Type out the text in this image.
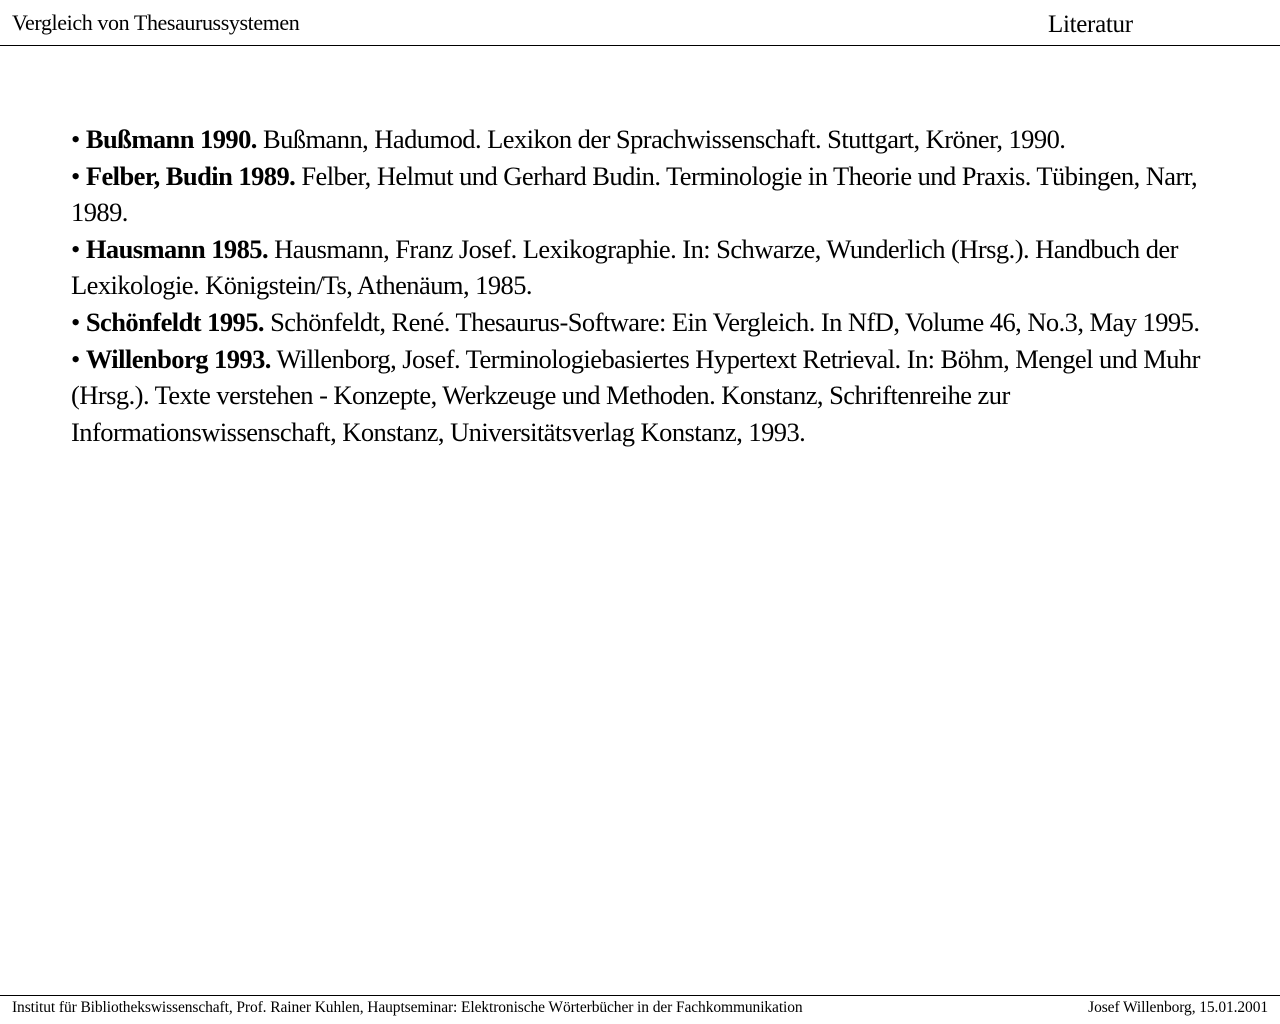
Vergleich von Thesaurussystemen	Literatur

• Bußmann 1990. Bußmann, Hadumod. Lexikon der Sprachwissenschaft. Stuttgart, Kröner, 1990.

• Felber, Budin 1989. Felber, Helmut und Gerhard Budin. Terminologie in Theorie und Praxis. Tübingen, Narr, 1989.

• Hausmann 1985. Hausmann, Franz Josef. Lexikographie. In: Schwarze, Wunderlich (Hrsg.). Handbuch der Lexikologie. Königstein/Ts, Athenäum, 1985.

• Schönfeldt 1995. Schönfeldt, René. Thesaurus-Software: Ein Vergleich. In NfD, Volume 46, No.3, May 1995.

• Willenborg 1993. Willenborg, Josef. Terminologiebasiertes Hypertext Retrieval. In: Böhm, Mengel und Muhr (Hrsg.). Texte verstehen - Konzepte, Werkzeuge und Methoden. Konstanz, Schriftenreihe zur Informationswissenschaft, Konstanz, Universitätsverlag Konstanz, 1993.

Institut für Bibliothekswissenschaft, Prof. Rainer Kuhlen, Hauptseminar: Elektronische Wörterbücher in der Fachkommunikation	Josef Willenborg, 15.01.2001
